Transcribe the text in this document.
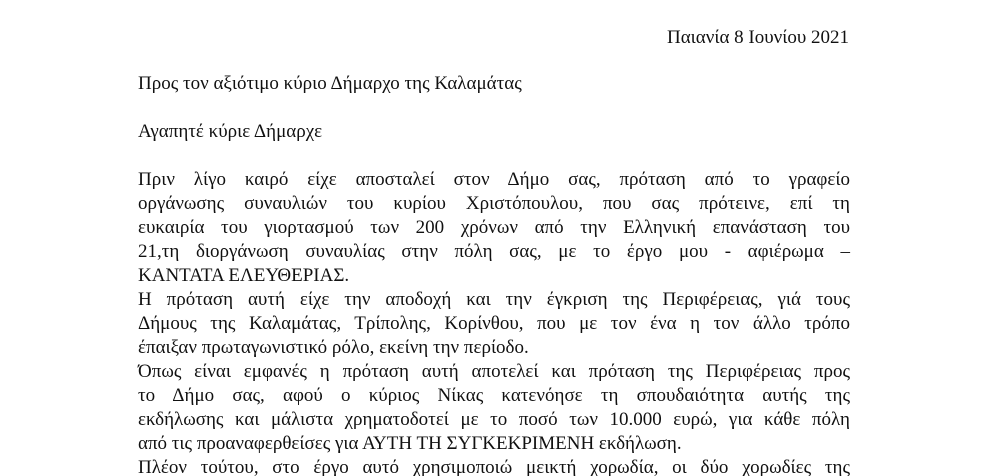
Παιανία 8 Ιουνίου 2021
Προς τον αξιότιμο κύριο Δήμαρχο της Καλαμάτας
Αγαπητέ κύριε Δήμαρχε
Πριν λίγο καιρό είχε αποσταλεί στον Δήμο σας, πρόταση από το γραφείο
οργάνωσης συναυλιών του κυρίου Χριστόπουλου, που σας πρότεινε, επί τη
ευκαιρία του γιορτασμού των 200 χρόνων από την Ελληνική επανάσταση του
21,τη διοργάνωση συναυλίας στην πόλη σας, με το έργο μου - αφιέρωμα –
ΚΑΝΤΑΤΑ ΕΛΕΥΘΕΡΙΑΣ.
Η πρόταση αυτή είχε την αποδοχή και την έγκριση της Περιφέρειας, γιά τους
Δήμους της Καλαμάτας, Τρίπολης, Κορίνθου, που με τον ένα η τον άλλο τρόπο
έπαιξαν πρωταγωνιστικό ρόλο, εκείνη την περίοδο.
Όπως είναι εμφανές η πρόταση αυτή αποτελεί και πρόταση της Περιφέρειας προς
το Δήμο σας, αφού ο κύριος Νίκας κατενόησε τη σπουδαιότητα αυτής της
εκδήλωσης και μάλιστα χρηματοδοτεί με το ποσό των 10.000 ευρώ, για κάθε πόλη
από τις προαναφερθείσες για ΑΥΤΗ ΤΗ ΣΥΓΚΕΚΡΙΜΕΝΗ εκδήλωση.
Πλέον τούτου, στο έργο αυτό χρησιμοποιώ μεικτή χορωδία, οι δύο χορωδίες της
